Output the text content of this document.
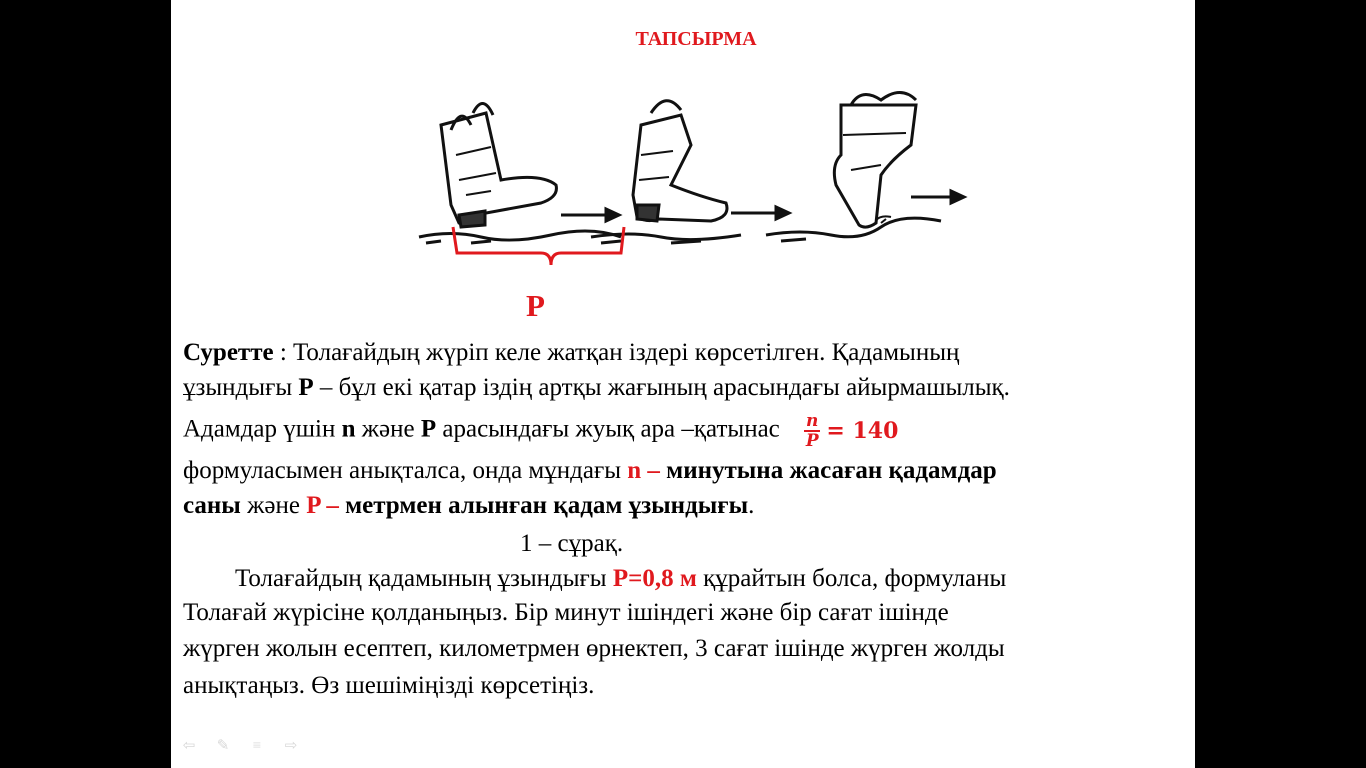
ТАПСЫРМА
P
Суретте : Толағайдың жүріп келе жатқан іздері көрсетілген. Қадамының
ұзындығы P – бұл екі қатар іздің артқы жағының арасындағы айырмашылық.
Адамдар үшін n және P арасындағы жуық ара –қатынас $\frac{n}{P} = 140$
формуласымен анықталса, онда мұндағы n – минутына жасаған қадамдар
саны және P – метрмен алынған қадам ұзындығы.
1 – сұрақ.
Толағайдың қадамының ұзындығы P=0,8 м құрайтын болса, формуланы
Толағай жүрісіне қолданыңыз. Бір минут ішіндегі және бір сағат ішінде
жүрген жолын есептеп, километрмен өрнектеп, 3 сағат ішінде жүрген жолды
анықтаңыз. Өз шешіміңізді көрсетіңіз.
⇦ ✎	≡	⇨
